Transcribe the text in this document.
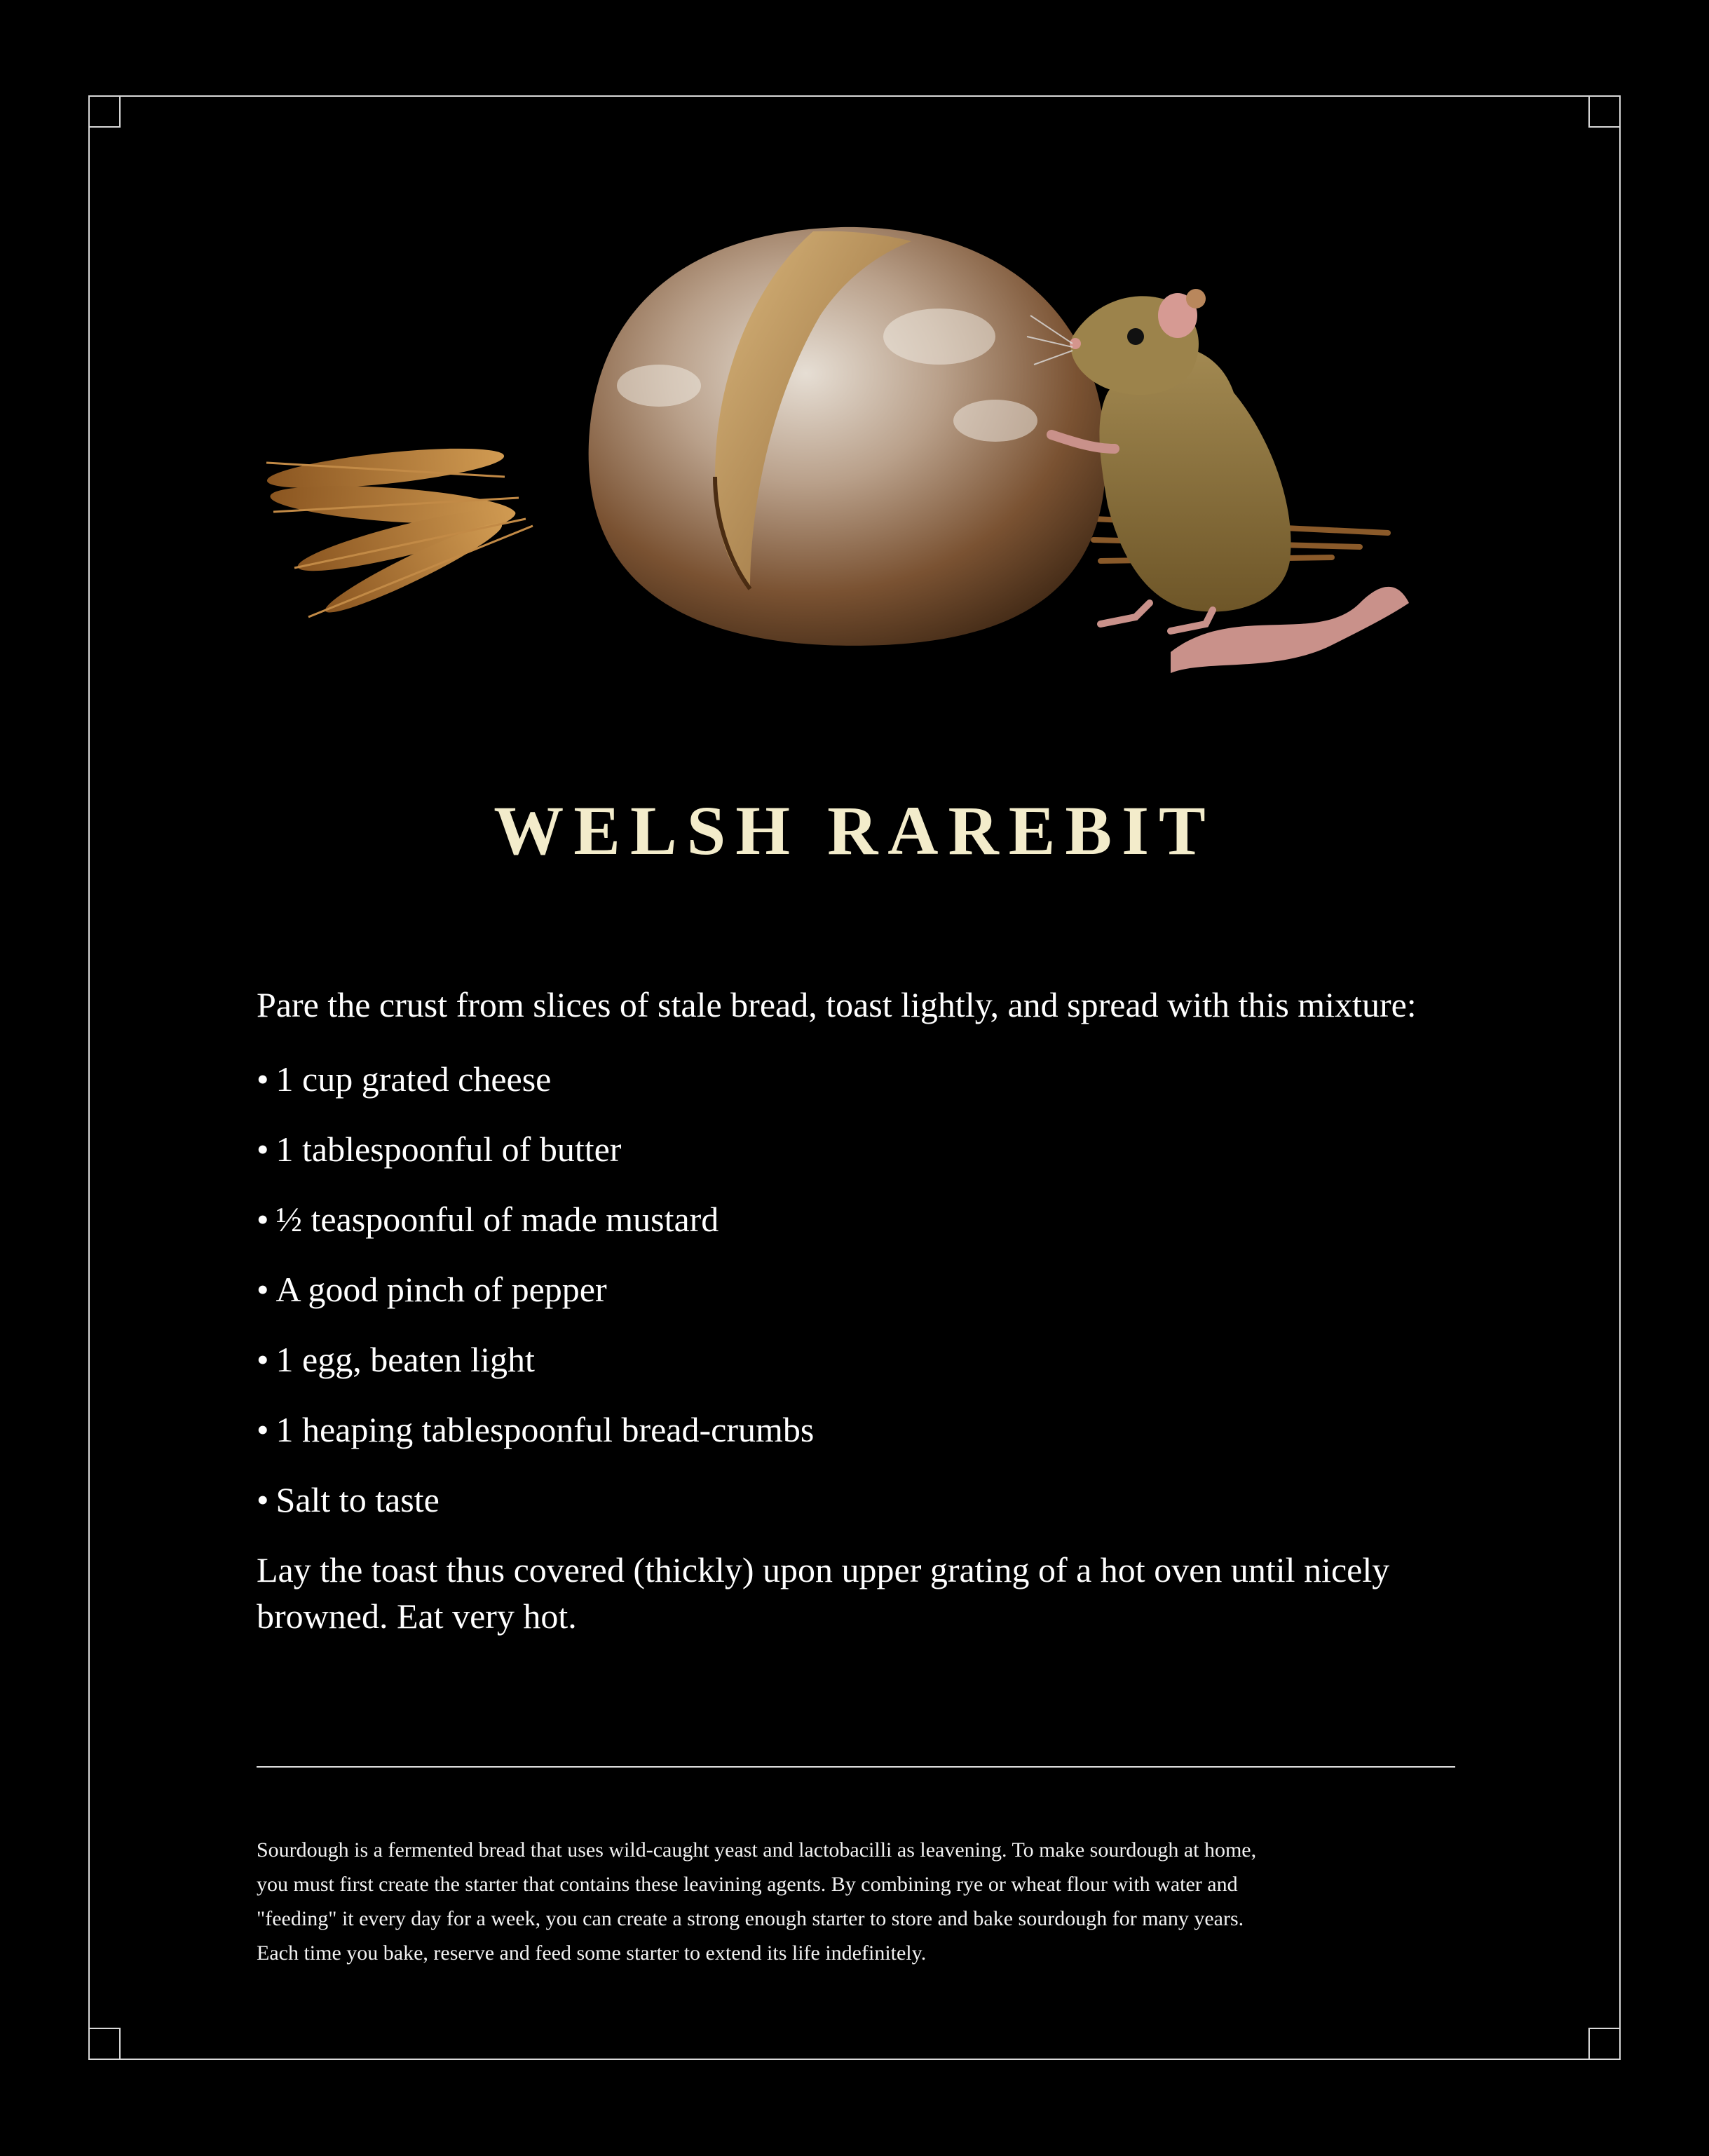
WELSH RAREBIT

Pare the crust from slices of stale bread, toast lightly, and spread with this mixture:

• 1 cup grated cheese
• 1 tablespoonful of butter
• ½ teaspoonful of made mustard
• A good pinch of pepper
• 1 egg, beaten light
• 1 heaping tablespoonful bread-crumbs
• Salt to taste

Lay the toast thus covered (thickly) upon upper grating of a hot oven until nicely browned. Eat very hot.

Sourdough is a fermented bread that uses wild-caught yeast and lactobacilli as leavening. To make sourdough at home,

you must first create the starter that contains these leavining agents. By combining rye or wheat flour with water and

"feeding" it every day for a week, you can create a strong enough starter to store and bake sourdough for many years.

Each time you bake, reserve and feed some starter to extend its life indefinitely.
